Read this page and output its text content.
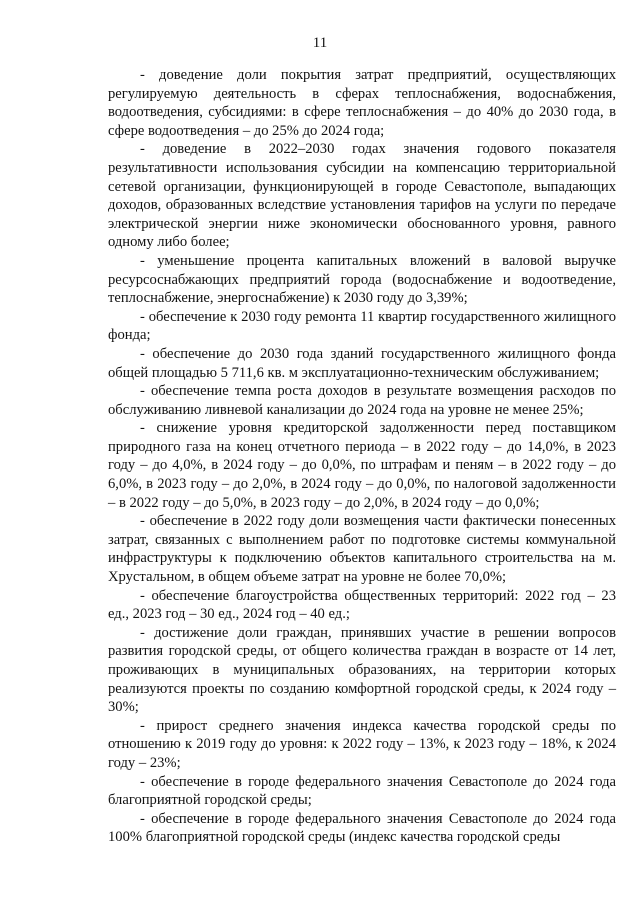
11

- доведение доли покрытия затрат предприятий, осуществляющих регулируемую деятельность в сферах теплоснабжения, водоснабжения, водоотведения, субсидиями: в сфере теплоснабжения – до 40% до 2030 года, в сфере водоотведения – до 25% до 2024 года;

- доведение в 2022–2030 годах значения годового показателя результативности использования субсидии на компенсацию территориальной сетевой организации, функционирующей в городе Севастополе, выпадающих доходов, образованных вследствие установления тарифов на услуги по передаче электрической энергии ниже экономически обоснованного уровня, равного одному либо более;

- уменьшение процента капитальных вложений в валовой выручке ресурсоснабжающих предприятий города (водоснабжение и водоотведение, теплоснабжение, энергоснабжение) к 2030 году до 3,39%;

- обеспечение к 2030 году ремонта 11 квартир государственного жилищного фонда;

- обеспечение до 2030 года зданий государственного жилищного фонда общей площадью 5 711,6 кв. м эксплуатационно-техническим обслуживанием;

- обеспечение темпа роста доходов в результате возмещения расходов по обслуживанию ливневой канализации до 2024 года на уровне не менее 25%;

- снижение уровня кредиторской задолженности перед поставщиком природного газа на конец отчетного периода – в 2022 году – до 14,0%, в 2023 году – до 4,0%, в 2024 году – до 0,0%, по штрафам и пеням – в 2022 году – до 6,0%, в 2023 году – до 2,0%, в 2024 году – до 0,0%, по налоговой задолженности – в 2022 году – до 5,0%, в 2023 году – до 2,0%, в 2024 году – до 0,0%;

- обеспечение в 2022 году доли возмещения части фактически понесенных затрат, связанных с выполнением работ по подготовке системы коммунальной инфраструктуры к подключению объектов капитального строительства на м. Хрустальном, в общем объеме затрат на уровне не более 70,0%;

- обеспечение благоустройства общественных территорий: 2022 год – 23 ед., 2023 год – 30 ед., 2024 год – 40 ед.;

- достижение доли граждан, принявших участие в решении вопросов развития городской среды, от общего количества граждан в возрасте от 14 лет, проживающих в муниципальных образованиях, на территории которых реализуются проекты по созданию комфортной городской среды, к 2024 году – 30%;

- прирост среднего значения индекса качества городской среды по отношению к 2019 году до уровня: к 2022 году – 13%, к 2023 году – 18%, к 2024 году – 23%;

- обеспечение в городе федерального значения Севастополе до 2024 года благоприятной городской среды;

- обеспечение в городе федерального значения Севастополе до 2024 года 100% благоприятной городской среды (индекс качества городской среды
